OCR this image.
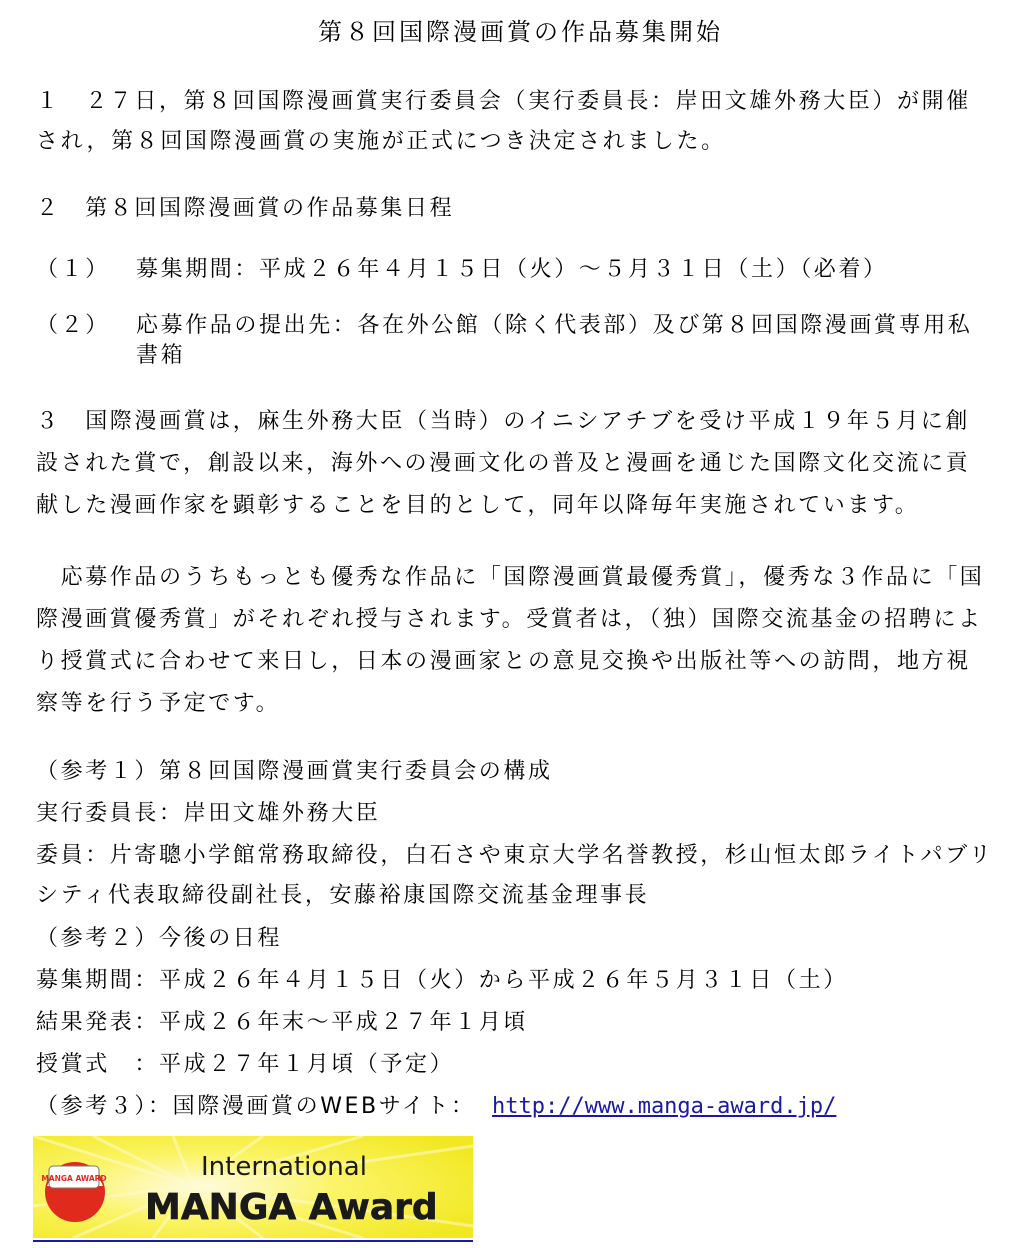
第８回国際漫画賞の作品募集開始
１　２７日，第８回国際漫画賞実行委員会（実行委員長：岸田文雄外務大臣）が開催
され，第８回国際漫画賞の実施が正式につき決定されました。
２　第８回国際漫画賞の作品募集日程
（１） 募集期間：平成２６年４月１５日（火）～５月３１日（土）（必着）
（２） 応募作品の提出先：各在外公館（除く代表部）及び第８回国際漫画賞専用私
書箱
３　国際漫画賞は，麻生外務大臣（当時）のイニシアチブを受け平成１９年５月に創
設された賞で，創設以来，海外への漫画文化の普及と漫画を通じた国際文化交流に貢
献した漫画作家を顕彰することを目的として，同年以降毎年実施されています。
　応募作品のうちもっとも優秀な作品に「国際漫画賞最優秀賞」，優秀な３作品に「国
際漫画賞優秀賞」がそれぞれ授与されます。受賞者は，（独）国際交流基金の招聘によ
り授賞式に合わせて来日し，日本の漫画家との意見交換や出版社等への訪問，地方視
察等を行う予定です。
（参考１）第８回国際漫画賞実行委員会の構成
実行委員長：岸田文雄外務大臣
委員：片寄聰小学館常務取締役，白石さや東京大学名誉教授，杉山恒太郎ライトパブリ
シティ代表取締役副社長，安藤裕康国際交流基金理事長
（参考２）今後の日程
募集期間：平成２６年４月１５日（火）から平成２６年５月３１日（土）
結果発表：平成２６年末～平成２７年１月頃
授賞式　：平成２７年１月頃（予定）
（参考３）：国際漫画賞のWEBサイト： http://www.manga-award.jp/
MANGA AWARD	International
MANGA Award
